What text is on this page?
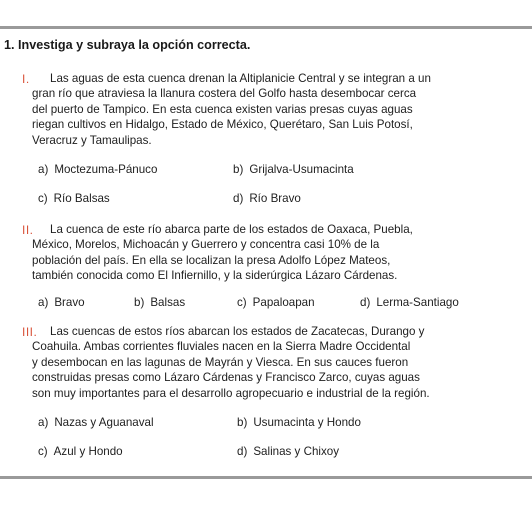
1. Investiga y subraya la opción correcta.
I.	Las aguas de esta cuenca drenan la Altiplanicie Central y se integran a un
gran río que atraviesa la llanura costera del Golfo hasta desembocar cerca
del puerto de Tampico. En esta cuenca existen varias presas cuyas aguas
riegan cultivos en Hidalgo, Estado de México, Querétaro, San Luis Potosí,
Veracruz y Tamaulipas.
a) Moctezuma-Pánuco	b) Grijalva-Usumacinta
c) Río Balsas	d) Río Bravo
II.	La cuenca de este río abarca parte de los estados de Oaxaca, Puebla,
México, Morelos, Michoacán y Guerrero y concentra casi 10% de la
población del país. En ella se localizan la presa Adolfo López Mateos,
también conocida como El Infiernillo, y la siderúrgica Lázaro Cárdenas.
a) Bravo	b) Balsas	c) Papaloapan	d) Lerma-Santiago
III.	Las cuencas de estos ríos abarcan los estados de Zacatecas, Durango y
Coahuila. Ambas corrientes fluviales nacen en la Sierra Madre Occidental
y desembocan en las lagunas de Mayrán y Viesca. En sus cauces fueron
construidas presas como Lázaro Cárdenas y Francisco Zarco, cuyas aguas
son muy importantes para el desarrollo agropecuario e industrial de la región.
a) Nazas y Aguanaval	b) Usumacinta y Hondo
c) Azul y Hondo	d) Salinas y Chixoy
